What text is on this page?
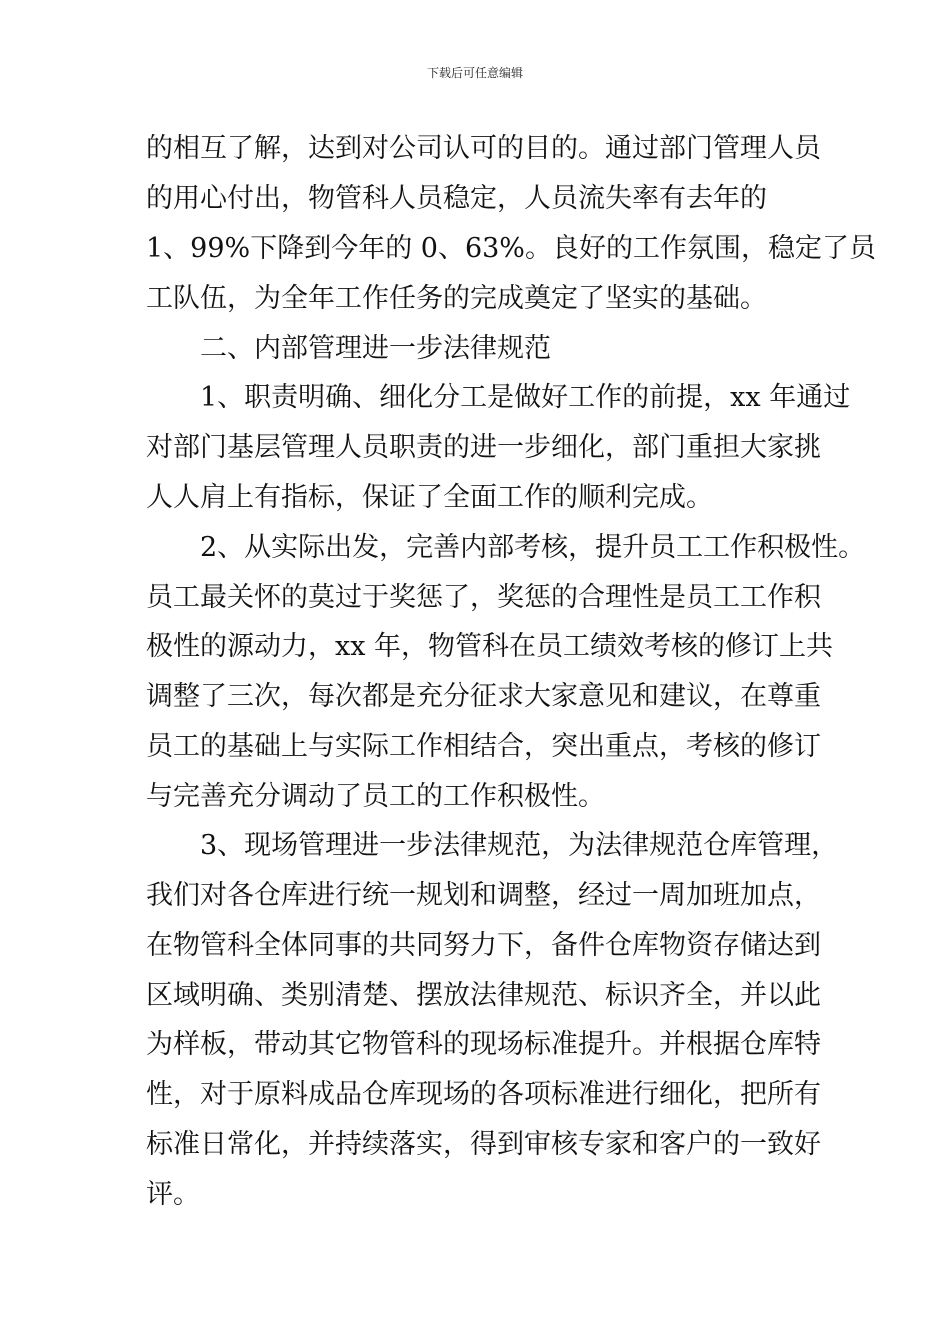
下载后可任意编辑
的相互了解，达到对公司认可的目的。通过部门管理人员
的用心付出，物管科人员稳定，人员流失率有去年的
1、99%下降到今年的 0、63%。良好的工作氛围，稳定了员
工队伍，为全年工作任务的完成奠定了坚实的基础。
　　二、内部管理进一步法律规范
　　1、职责明确、细化分工是做好工作的前提，xx 年通过
对部门基层管理人员职责的进一步细化，部门重担大家挑
人人肩上有指标，保证了全面工作的顺利完成。
　　2、从实际出发，完善内部考核，提升员工工作积极性。
员工最关怀的莫过于奖惩了，奖惩的合理性是员工工作积
极性的源动力，xx 年，物管科在员工绩效考核的修订上共
调整了三次，每次都是充分征求大家意见和建议，在尊重
员工的基础上与实际工作相结合，突出重点，考核的修订
与完善充分调动了员工的工作积极性。
　　3、现场管理进一步法律规范，为法律规范仓库管理，
我们对各仓库进行统一规划和调整，经过一周加班加点，
在物管科全体同事的共同努力下，备件仓库物资存储达到
区域明确、类别清楚、摆放法律规范、标识齐全，并以此
为样板，带动其它物管科的现场标准提升。并根据仓库特
性，对于原料成品仓库现场的各项标准进行细化，把所有
标准日常化，并持续落实，得到审核专家和客户的一致好
评。
